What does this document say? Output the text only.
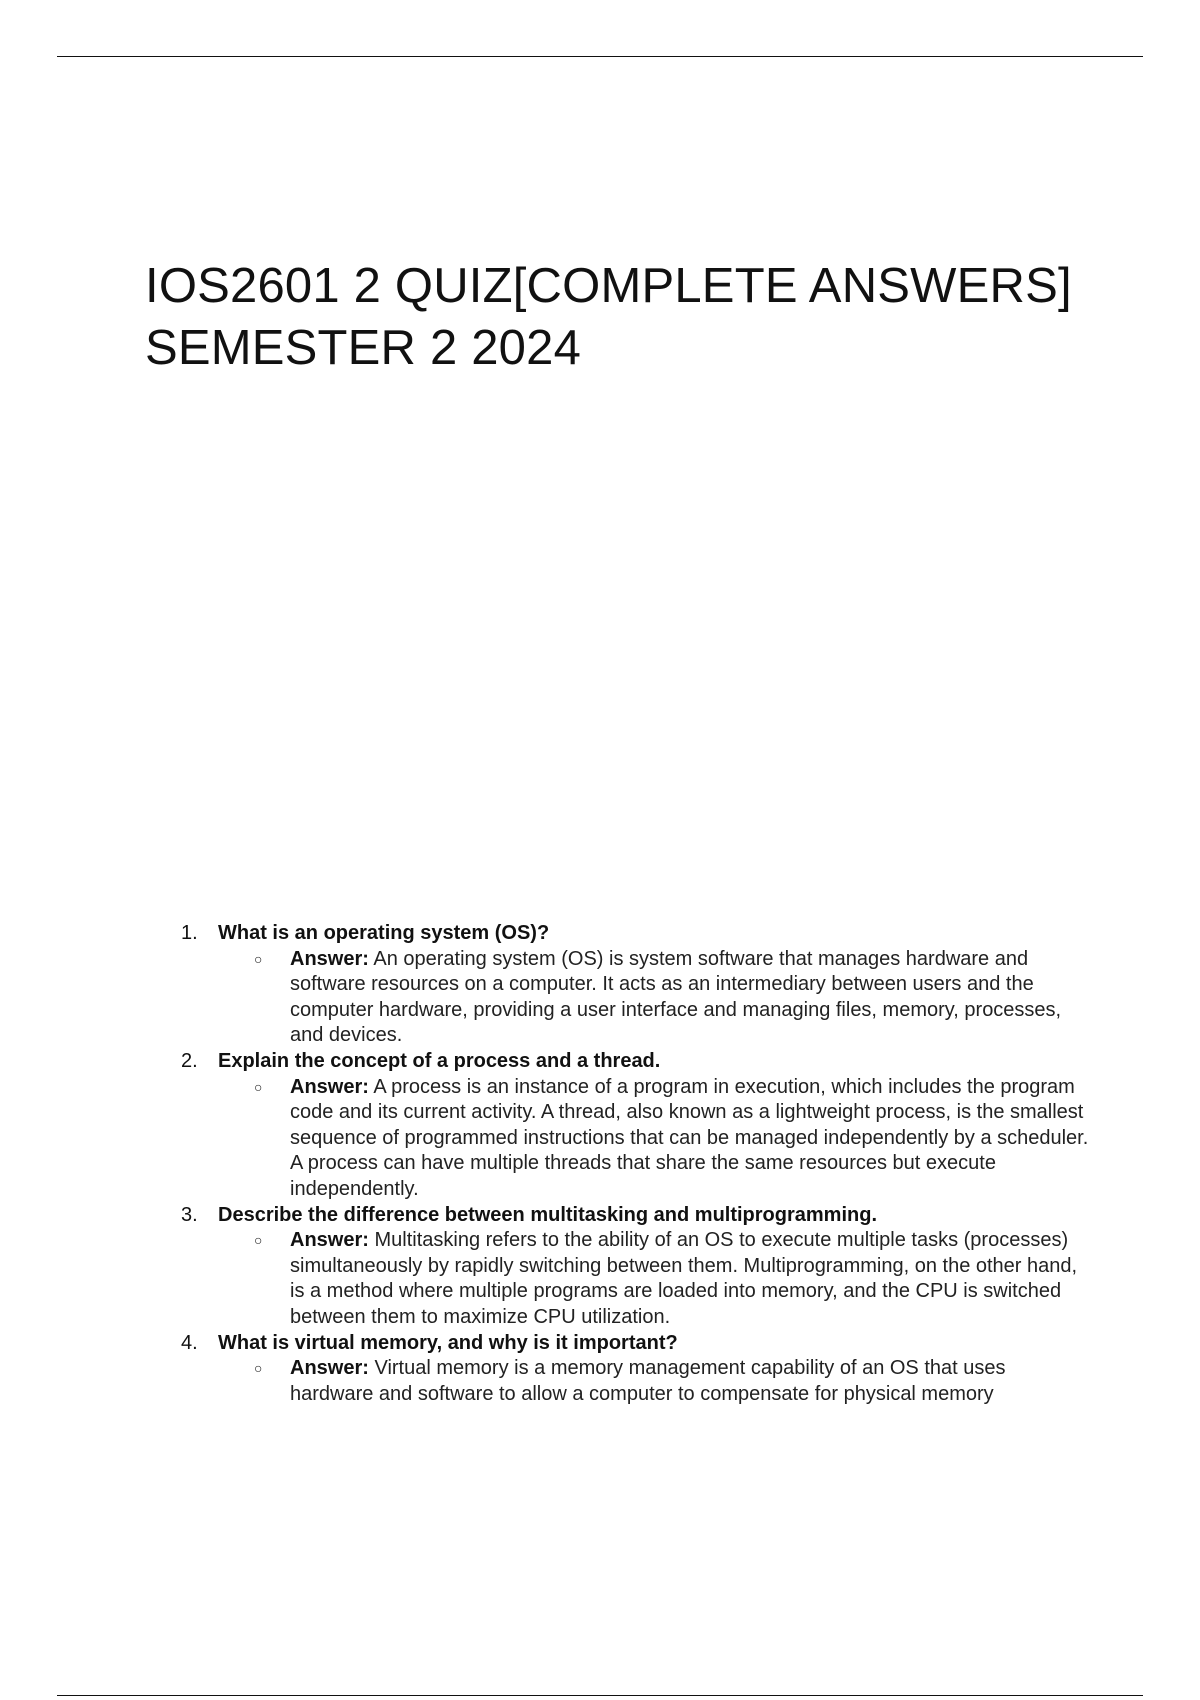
IOS2601 2 QUIZ[COMPLETE ANSWERS] SEMESTER 2 2024
1. What is an operating system (OS)?
○ Answer: An operating system (OS) is system software that manages hardware and software resources on a computer. It acts as an intermediary between users and the computer hardware, providing a user interface and managing files, memory, processes, and devices.
2. Explain the concept of a process and a thread.
○ Answer: A process is an instance of a program in execution, which includes the program code and its current activity. A thread, also known as a lightweight process, is the smallest sequence of programmed instructions that can be managed independently by a scheduler. A process can have multiple threads that share the same resources but execute independently.
3. Describe the difference between multitasking and multiprogramming.
○ Answer: Multitasking refers to the ability of an OS to execute multiple tasks (processes) simultaneously by rapidly switching between them. Multiprogramming, on the other hand, is a method where multiple programs are loaded into memory, and the CPU is switched between them to maximize CPU utilization.
4. What is virtual memory, and why is it important?
○ Answer: Virtual memory is a memory management capability of an OS that uses hardware and software to allow a computer to compensate for physical memory
